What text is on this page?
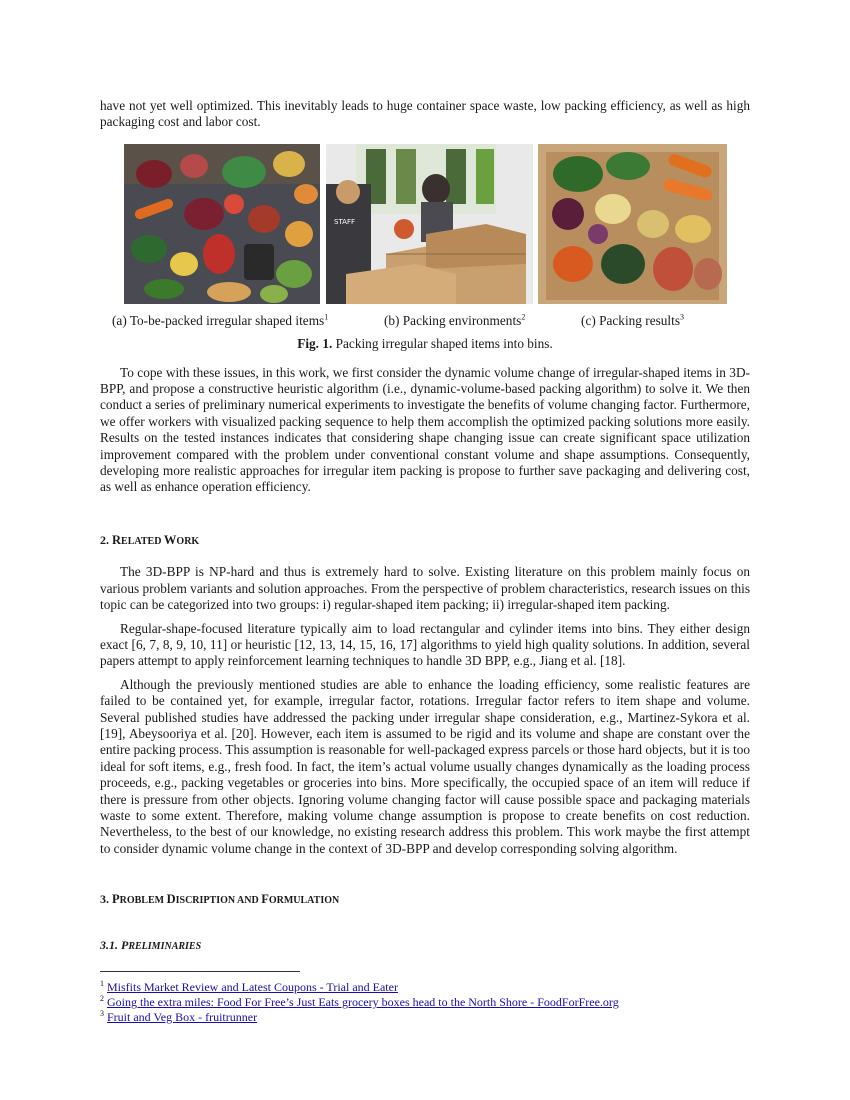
have not yet well optimized. This inevitably leads to huge container space waste, low packing efficiency, as well as high packaging cost and labor cost.

STAFF
(a) To-be-packed irregular shaped items$^1$	(b) Packing environments$^2$	(c) Packing results$^3$

Fig. 1. Packing irregular shaped items into bins.

To cope with these issues, in this work, we first consider the dynamic volume change of irregular-shaped items in 3D-BPP, and propose a constructive heuristic algorithm (i.e., dynamic-volume-based packing algorithm) to solve it. We then conduct a series of preliminary numerical experiments to investigate the benefits of volume changing factor. Furthermore, we offer workers with visualized packing sequence to help them accomplish the optimized packing solutions more easily. Results on the tested instances indicates that considering shape changing issue can create significant space utilization improvement compared with the problem under conventional constant volume and shape assumptions. Consequently, developing more realistic approaches for irregular item packing is propose to further save packaging and delivering cost, as well as enhance operation efficiency.

2. RELATED WORK

The 3D-BPP is NP-hard and thus is extremely hard to solve. Existing literature on this problem mainly focus on various problem variants and solution approaches. From the perspective of problem characteristics, research issues on this topic can be categorized into two groups: i) regular-shaped item packing; ii) irregular-shaped item packing.

Regular-shape-focused literature typically aim to load rectangular and cylinder items into bins. They either design exact [6, 7, 8, 9, 10, 11] or heuristic [12, 13, 14, 15, 16, 17] algorithms to yield high quality solutions. In addition, several papers attempt to apply reinforcement learning techniques to handle 3D BPP, e.g., Jiang et al. [18].

Although the previously mentioned studies are able to enhance the loading efficiency, some realistic features are failed to be contained yet, for example, irregular factor, rotations. Irregular factor refers to item shape and volume. Several published studies have addressed the packing under irregular shape consideration, e.g., Martinez-Sykora et al. [19], Abeysooriya et al. [20]. However, each item is assumed to be rigid and its volume and shape are constant over the entire packing process. This assumption is reasonable for well-packaged express parcels or those hard objects, but it is too ideal for soft items, e.g., fresh food. In fact, the item’s actual volume usually changes dynamically as the loading process proceeds, e.g., packing vegetables or groceries into bins. More specifically, the occupied space of an item will reduce if there is pressure from other objects. Ignoring volume changing factor will cause possible space and packaging materials waste to some extent. Therefore, making volume change assumption is propose to create benefits on cost reduction. Nevertheless, to the best of our knowledge, no existing research address this problem. This work maybe the first attempt to consider dynamic volume change in the context of 3D-BPP and develop corresponding solving algorithm.

3. PROBLEM DISCRIPTION AND FORMULATION
3.1. PRELIMINARIES
$^1$ Misfits Market Review and Latest Coupons - Trial and Eater
$^2$ Going the extra miles: Food For Free’s Just Eats grocery boxes head to the North Shore - FoodForFree.org
$^3$ Fruit and Veg Box - fruitrunner
